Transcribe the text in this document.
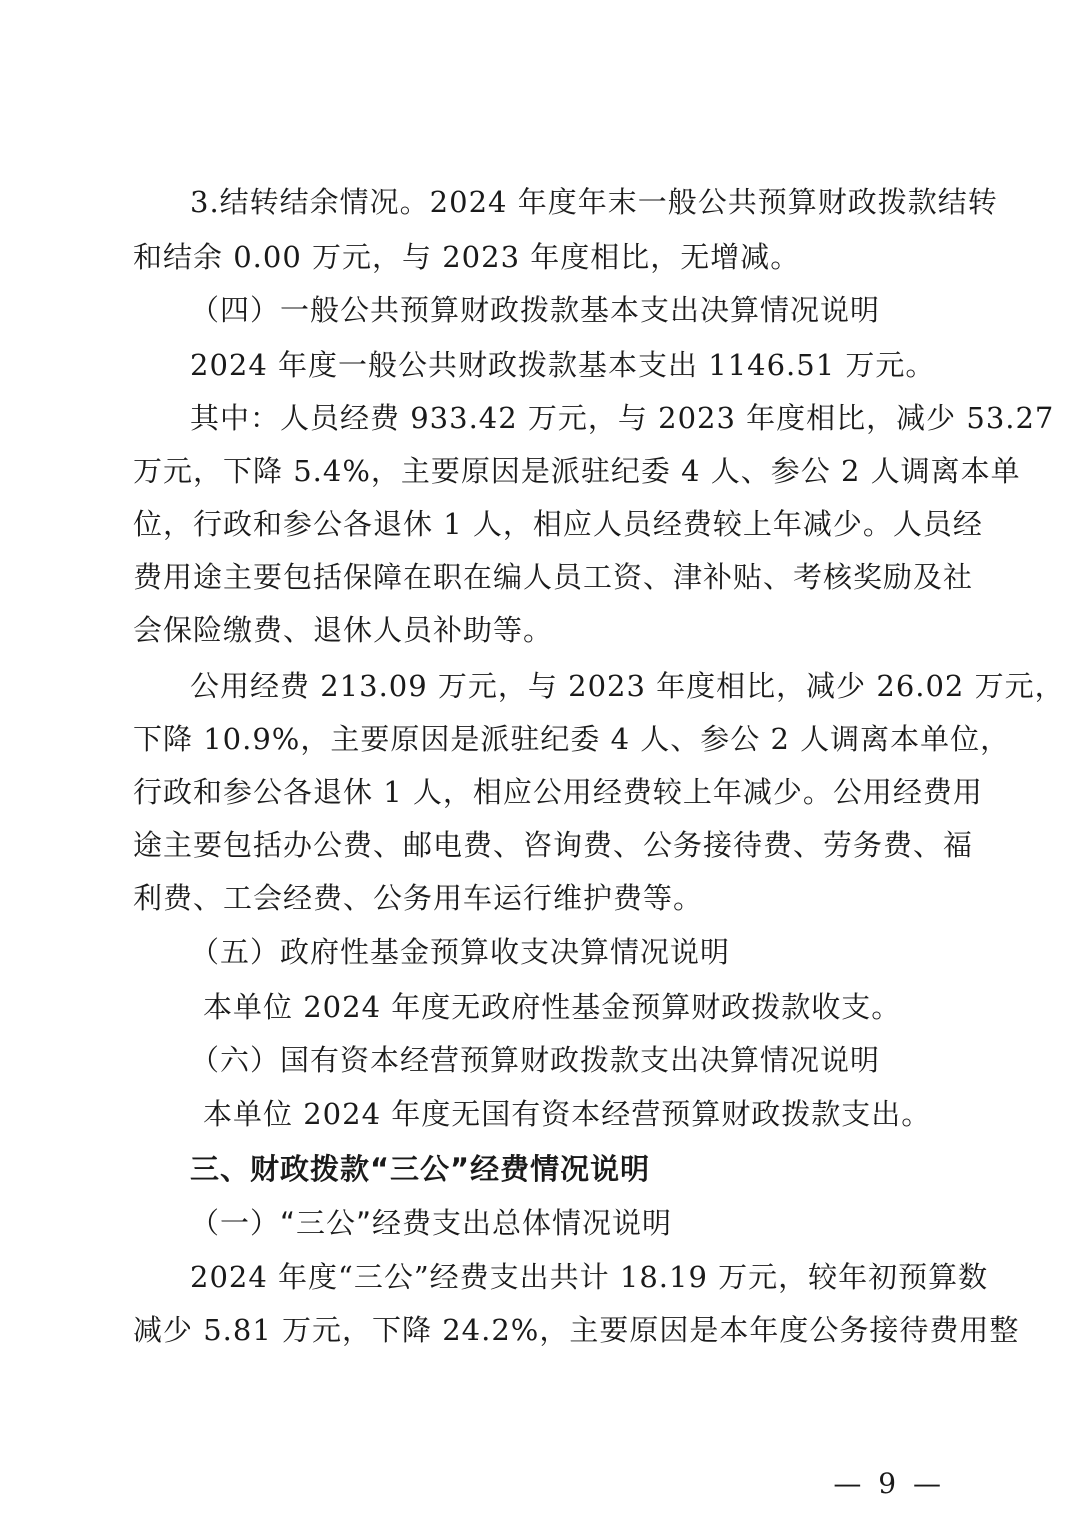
3.结转结余情况。2024 年度年末一般公共预算财政拨款结转
和结余 0.00 万元，与 2023 年度相比，无增减。
（四）一般公共预算财政拨款基本支出决算情况说明
2024 年度一般公共财政拨款基本支出 1146.51 万元。
其中：人员经费 933.42 万元，与 2023 年度相比，减少 53.27
万元，下降 5.4%，主要原因是派驻纪委 4 人、参公 2 人调离本单
位，行政和参公各退休 1 人，相应人员经费较上年减少。人员经
费用途主要包括保障在职在编人员工资、津补贴、考核奖励及社
会保险缴费、退休人员补助等。
公用经费 213.09 万元，与 2023 年度相比，减少 26.02 万元，
下降 10.9%，主要原因是派驻纪委 4 人、参公 2 人调离本单位，
行政和参公各退休 1 人，相应公用经费较上年减少。公用经费用
途主要包括办公费、邮电费、咨询费、公务接待费、劳务费、福
利费、工会经费、公务用车运行维护费等。
（五）政府性基金预算收支决算情况说明
本单位 2024 年度无政府性基金预算财政拨款收支。
（六）国有资本经营预算财政拨款支出决算情况说明
本单位 2024 年度无国有资本经营预算财政拨款支出。
三、财政拨款“三公”经费情况说明
（一）“三公”经费支出总体情况说明
2024 年度“三公”经费支出共计 18.19 万元，较年初预算数
减少 5.81 万元，下降 24.2%，主要原因是本年度公务接待费用整
— 9 —
